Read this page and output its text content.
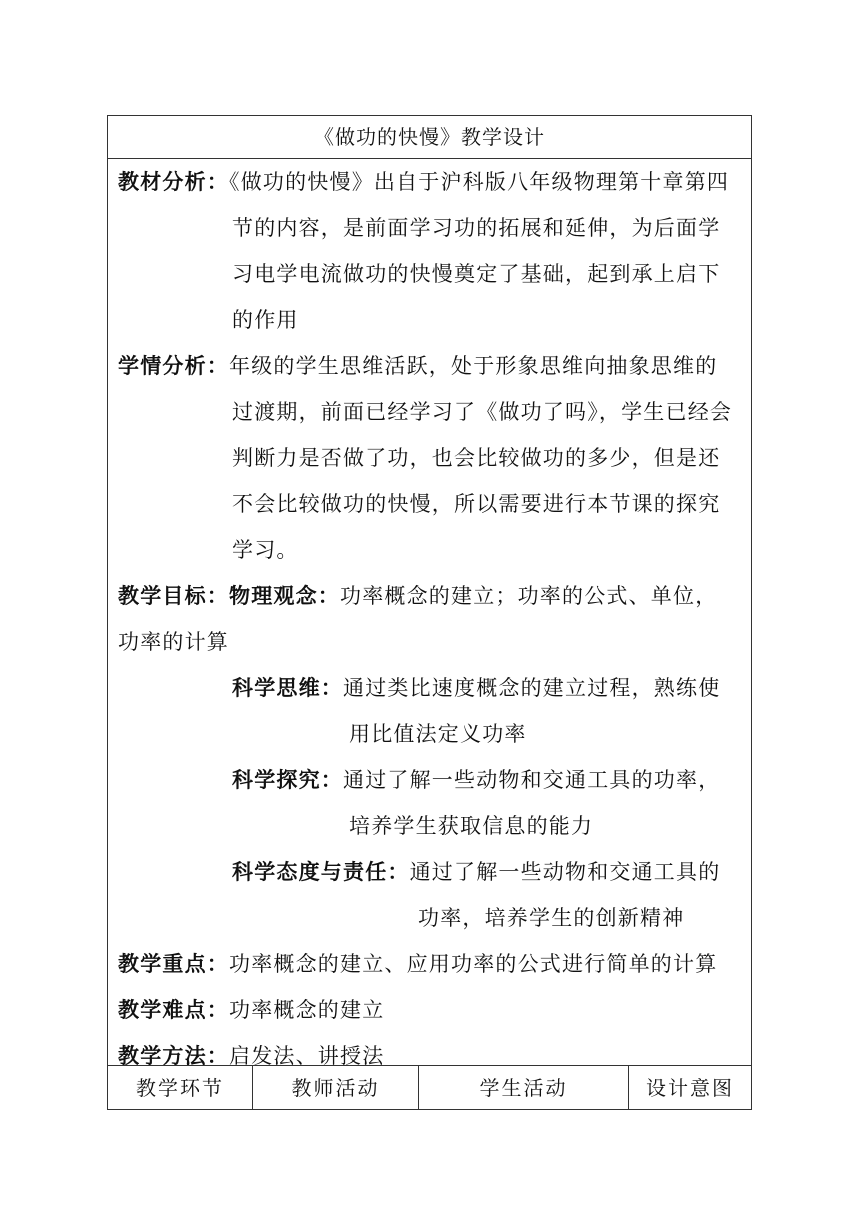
《做功的快慢》教学设计
教材分析：《做功的快慢》出自于沪科版八年级物理第十章第四
节的内容，是前面学习功的拓展和延伸，为后面学
习电学电流做功的快慢奠定了基础，起到承上启下
的作用
学情分析：年级的学生思维活跃，处于形象思维向抽象思维的
过渡期，前面已经学习了《做功了吗》，学生已经会
判断力是否做了功，也会比较做功的多少，但是还
不会比较做功的快慢，所以需要进行本节课的探究
学习。
教学目标：物理观念：功率概念的建立；功率的公式、单位，
功率的计算
科学思维：通过类比速度概念的建立过程，熟练使
用比值法定义功率
科学探究：通过了解一些动物和交通工具的功率，
培养学生获取信息的能力
科学态度与责任：通过了解一些动物和交通工具的
功率，培养学生的创新精神
教学重点：功率概念的建立、应用功率的公式进行简单的计算
教学难点：功率概念的建立
教学方法：启发法、讲授法
教学环节	教师活动	学生活动	设计意图
